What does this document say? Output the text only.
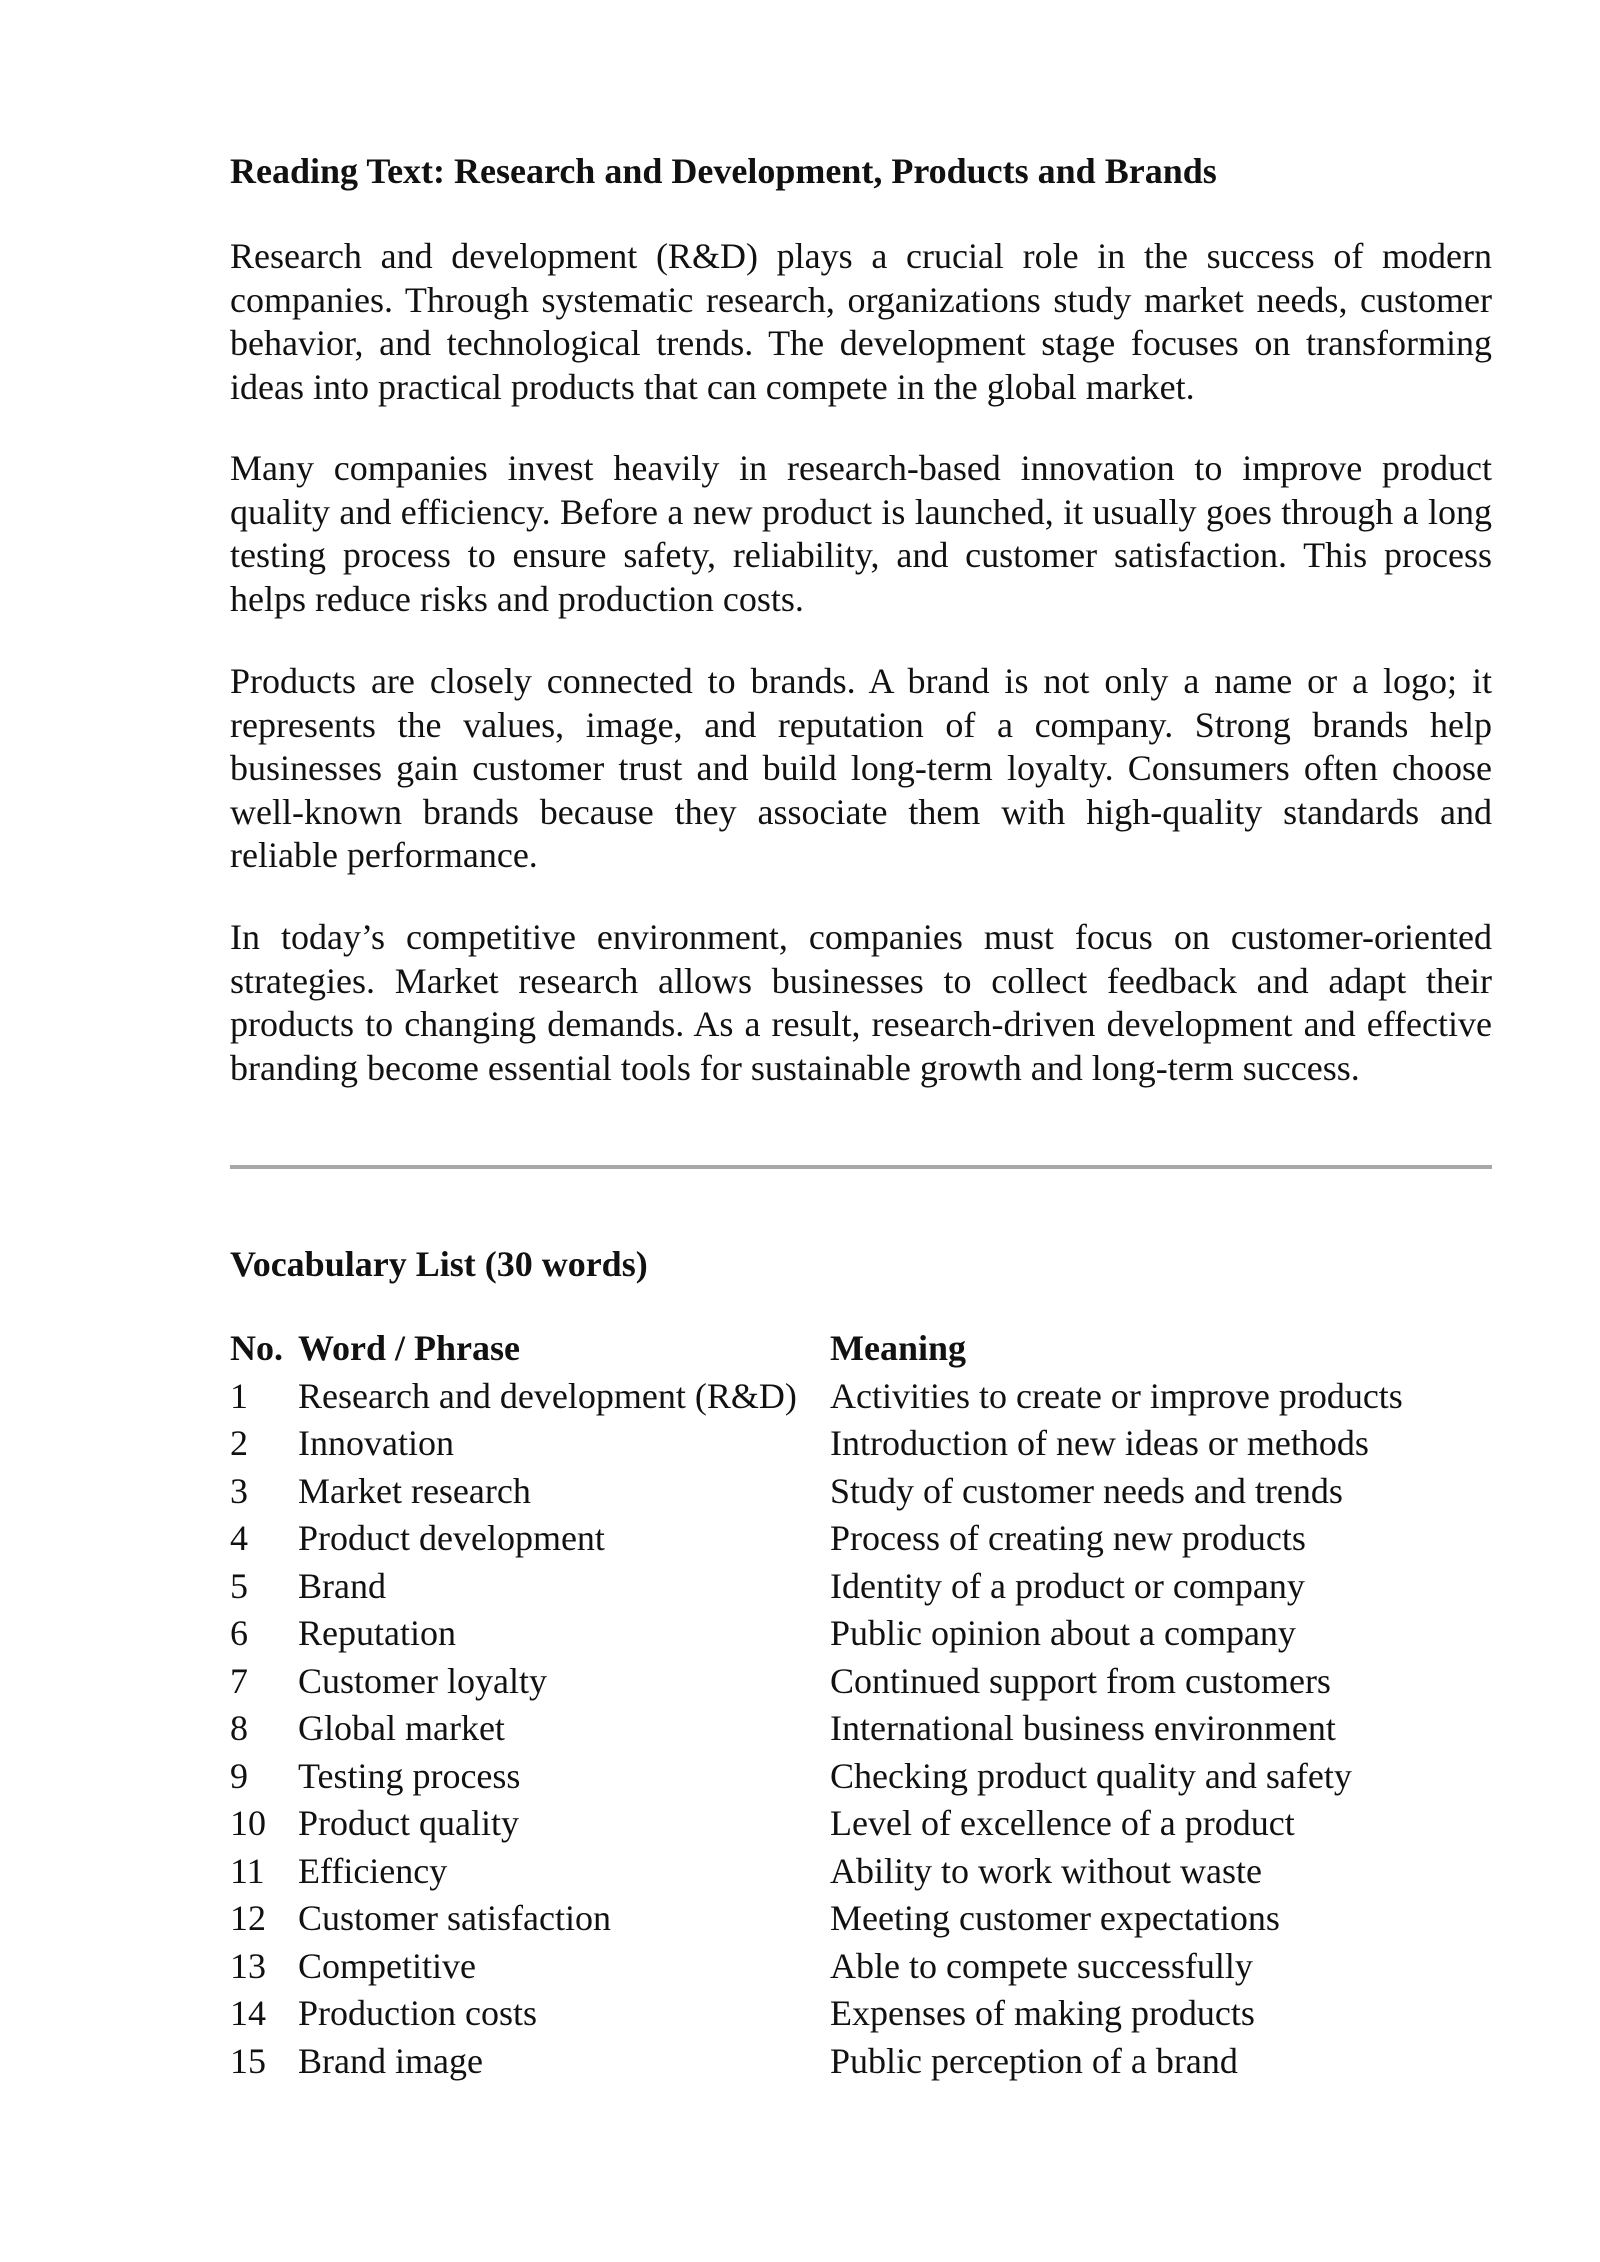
Reading Text: Research and Development, Products and Brands

Research and development (R&D) plays a crucial role in the success of modern companies. Through systematic research, organizations study market needs, customer behavior, and technological trends. The development stage focuses on transforming ideas into practical products that can compete in the global market.

Many companies invest heavily in research-based innovation to improve product quality and efficiency. Before a new product is launched, it usually goes through a long testing process to ensure safety, reliability, and customer satisfaction. This process helps reduce risks and production costs.

Products are closely connected to brands. A brand is not only a name or a logo; it represents the values, image, and reputation of a company. Strong brands help businesses gain customer trust and build long-term loyalty. Consumers often choose well-known brands because they associate them with high-quality standards and reliable performance.

In today’s competitive environment, companies must focus on customer-oriented strategies. Market research allows businesses to collect feedback and adapt their products to changing demands. As a result, research-driven development and effective branding become essential tools for sustainable growth and long-term success.

Vocabulary List (30 words)
No.	Word / Phrase	Meaning
1	Research and development (R&D)	Activities to create or improve products
2	Innovation	Introduction of new ideas or methods
3	Market research	Study of customer needs and trends
4	Product development	Process of creating new products
5	Brand	Identity of a product or company
6	Reputation	Public opinion about a company
7	Customer loyalty	Continued support from customers
8	Global market	International business environment
9	Testing process	Checking product quality and safety
10	Product quality	Level of excellence of a product
11	Efficiency	Ability to work without waste
12	Customer satisfaction	Meeting customer expectations
13	Competitive	Able to compete successfully
14	Production costs	Expenses of making products
15	Brand image	Public perception of a brand
